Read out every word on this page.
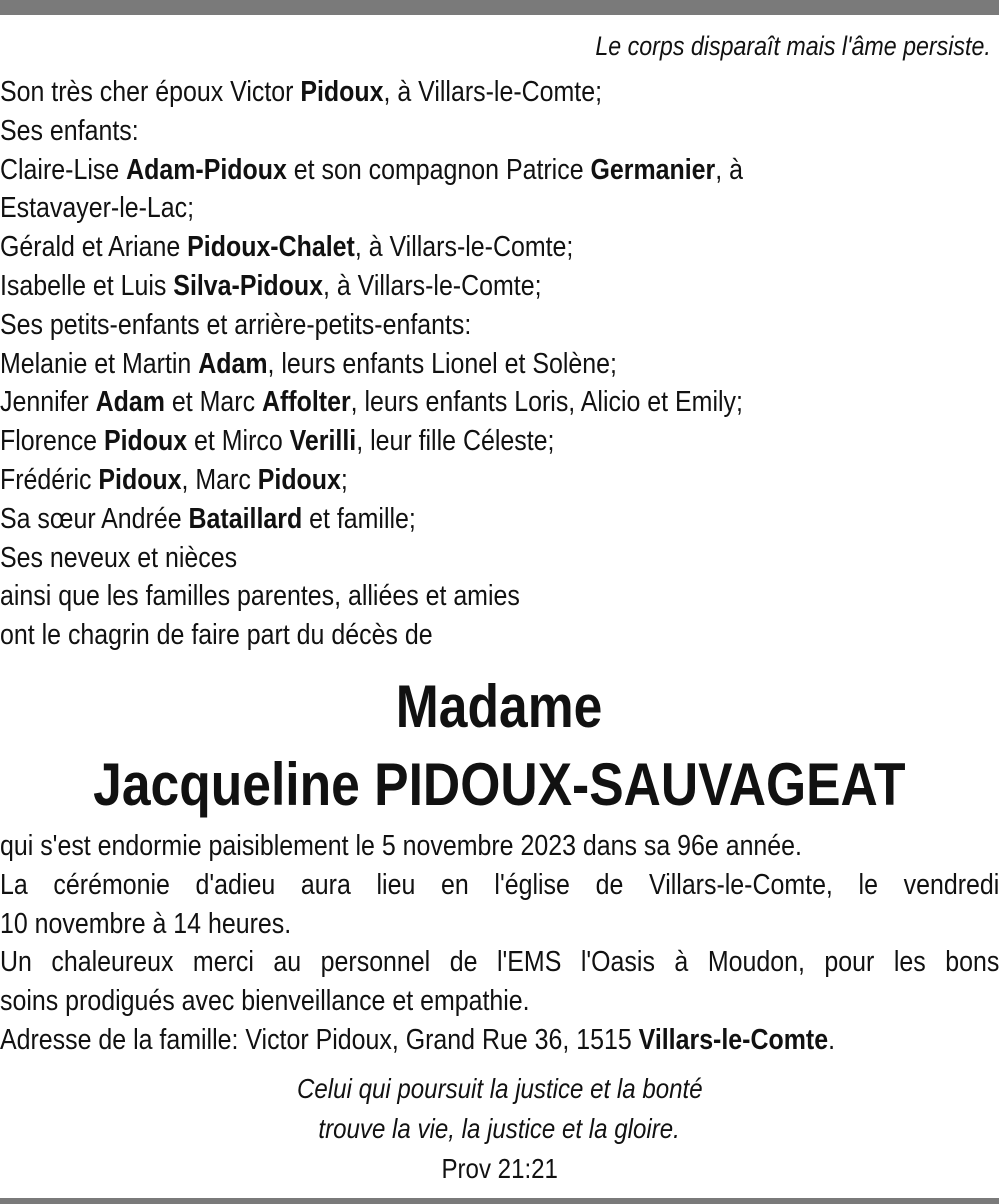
Le corps disparaît mais l'âme persiste.
Son très cher époux Victor Pidoux, à Villars-le-Comte;
Ses enfants:
Claire-Lise Adam-Pidoux et son compagnon Patrice Germanier, à
Estavayer-le-Lac;
Gérald et Ariane Pidoux-Chalet, à Villars-le-Comte;
Isabelle et Luis Silva-Pidoux, à Villars-le-Comte;
Ses petits-enfants et arrière-petits-enfants:
Melanie et Martin Adam, leurs enfants Lionel et Solène;
Jennifer Adam et Marc Affolter, leurs enfants Loris, Alicio et Emily;
Florence Pidoux et Mirco Verilli, leur fille Céleste;
Frédéric Pidoux, Marc Pidoux;
Sa sœur Andrée Bataillard et famille;
Ses neveux et nièces
ainsi que les familles parentes, alliées et amies
ont le chagrin de faire part du décès de
Madame
Jacqueline PIDOUX-SAUVAGEAT
qui s'est endormie paisiblement le 5 novembre 2023 dans sa 96e année.
La cérémonie d'adieu aura lieu en l'église de Villars-le-Comte, le vendredi
10 novembre à 14 heures.
Un chaleureux merci au personnel de l'EMS l'Oasis à Moudon, pour les bons
soins prodigués avec bienveillance et empathie.
Adresse de la famille: Victor Pidoux, Grand Rue 36, 1515 Villars-le-Comte.
Celui qui poursuit la justice et la bonté
trouve la vie, la justice et la gloire.
Prov 21:21
